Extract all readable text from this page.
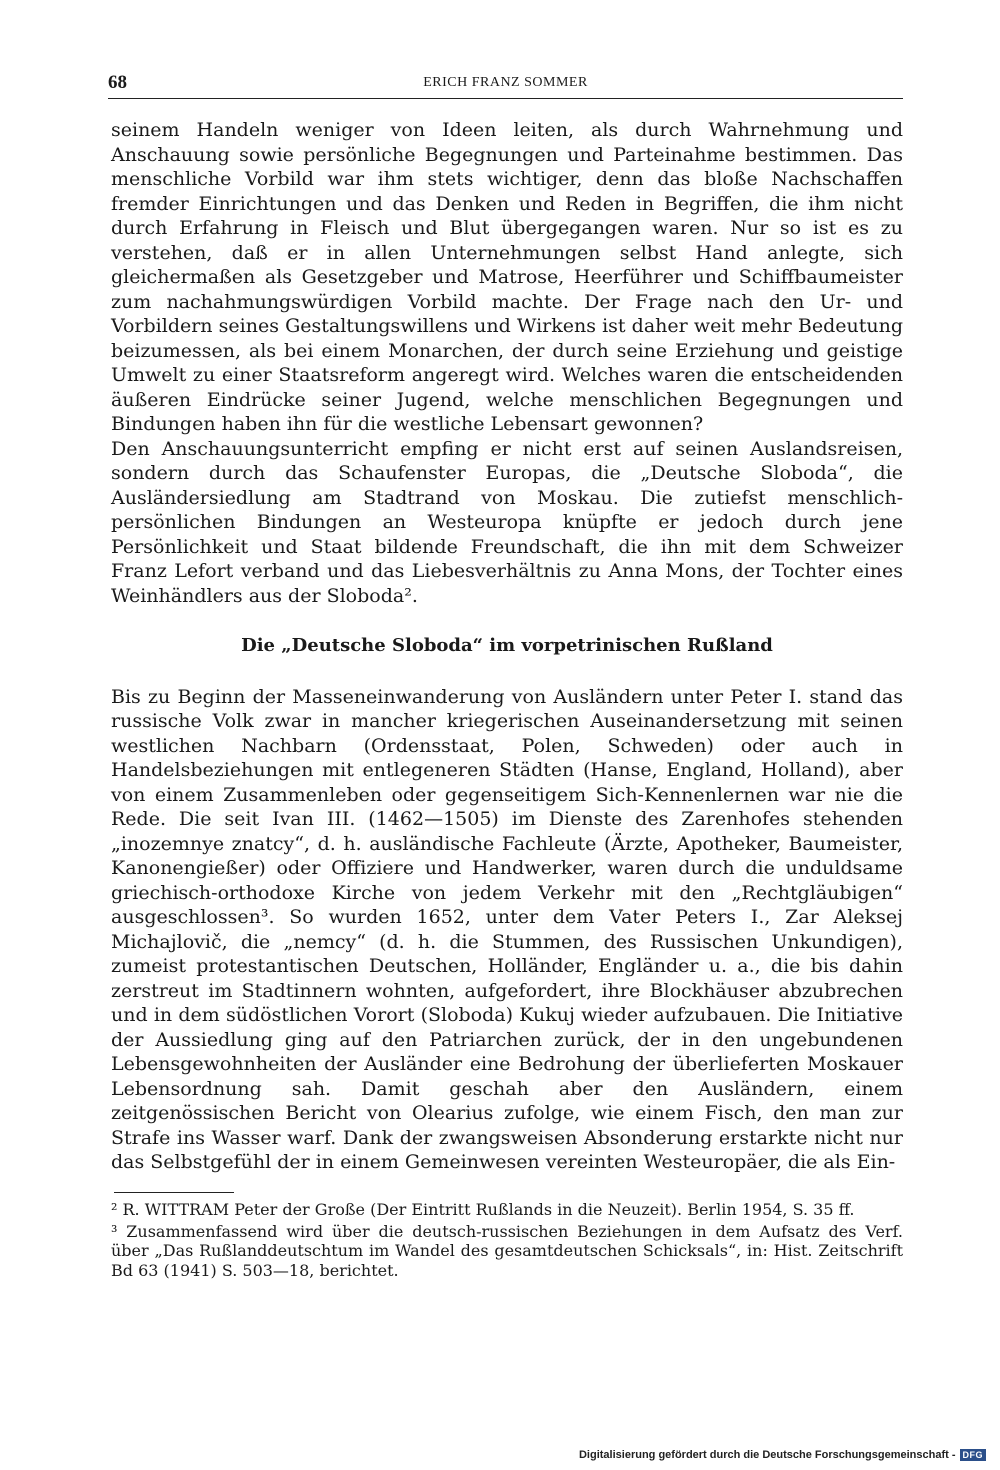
68	ERICH FRANZ SOMMER

seinem Handeln weniger von Ideen leiten, als durch Wahrnehmung und Anschauung sowie persönliche Begegnungen und Parteinahme bestimmen. Das menschliche Vorbild war ihm stets wichtiger, denn das bloße Nachschaffen fremder Einrichtungen und das Denken und Reden in Begriffen, die ihm nicht durch Erfahrung in Fleisch und Blut übergegangen waren. Nur so ist es zu verstehen, daß er in allen Unternehmungen selbst Hand anlegte, sich gleichermaßen als Gesetzgeber und Matrose, Heerführer und Schiffbaumeister zum nachahmungswürdigen Vorbild machte. Der Frage nach den Ur- und Vorbildern seines Gestaltungswillens und Wirkens ist daher weit mehr Bedeutung beizumessen, als bei einem Monarchen, der durch seine Erziehung und geistige Umwelt zu einer Staatsreform angeregt wird. Welches waren die entscheidenden äußeren Eindrücke seiner Jugend, welche menschlichen Begegnungen und Bindungen haben ihn für die westliche Lebensart gewonnen?

Den Anschauungsunterricht empfing er nicht erst auf seinen Auslandsreisen, sondern durch das Schaufenster Europas, die „Deutsche Sloboda“, die Ausländersiedlung am Stadtrand von Moskau. Die zutiefst menschlich-persönlichen Bindungen an Westeuropa knüpfte er jedoch durch jene Persönlichkeit und Staat bildende Freundschaft, die ihn mit dem Schweizer Franz Lefort verband und das Liebesverhältnis zu Anna Mons, der Tochter eines Weinhändlers aus der Sloboda².

Die „Deutsche Sloboda“ im vorpetrinischen Rußland

Bis zu Beginn der Masseneinwanderung von Ausländern unter Peter I. stand das russische Volk zwar in mancher kriegerischen Auseinandersetzung mit seinen westlichen Nachbarn (Ordensstaat, Polen, Schweden) oder auch in Handelsbeziehungen mit entlegeneren Städten (Hanse, England, Holland), aber von einem Zusammenleben oder gegenseitigem Sich-Kennenlernen war nie die Rede. Die seit Ivan III. (1462—1505) im Dienste des Zarenhofes stehenden „inozemnye znatcy“, d. h. ausländische Fachleute (Ärzte, Apotheker, Baumeister, Kanonengießer) oder Offiziere und Handwerker, waren durch die unduldsame griechisch-orthodoxe Kirche von jedem Verkehr mit den „Rechtgläubigen“ ausgeschlossen³. So wurden 1652, unter dem Vater Peters I., Zar Aleksej Michajlovič, die „nemcy“ (d. h. die Stummen, des Russischen Unkundigen), zumeist protestantischen Deutschen, Holländer, Engländer u. a., die bis dahin zerstreut im Stadtinnern wohnten, aufgefordert, ihre Blockhäuser abzubrechen und in dem südöstlichen Vorort (Sloboda) Kukuj wieder aufzubauen. Die Initiative der Aussiedlung ging auf den Patriarchen zurück, der in den ungebundenen Lebensgewohnheiten der Ausländer eine Bedrohung der überlieferten Moskauer Lebensordnung sah. Damit geschah aber den Ausländern, einem zeitgenössischen Bericht von Olearius zufolge, wie einem Fisch, den man zur Strafe ins Wasser warf. Dank der zwangsweisen Absonderung erstarkte nicht nur das Selbstgefühl der in einem Gemeinwesen vereinten Westeuropäer, die als Ein-

² R. WITTRAM Peter der Große (Der Eintritt Rußlands in die Neuzeit). Berlin 1954, S. 35 ff.

³ Zusammenfassend wird über die deutsch-russischen Beziehungen in dem Aufsatz des Verf. über „Das Rußlanddeutschtum im Wandel des gesamtdeutschen Schicksals“, in: Hist. Zeitschrift Bd 63 (1941) S. 503—18, berichtet.

Digitalisierung gefördert durch die Deutsche Forschungsgemeinschaft - DFG
